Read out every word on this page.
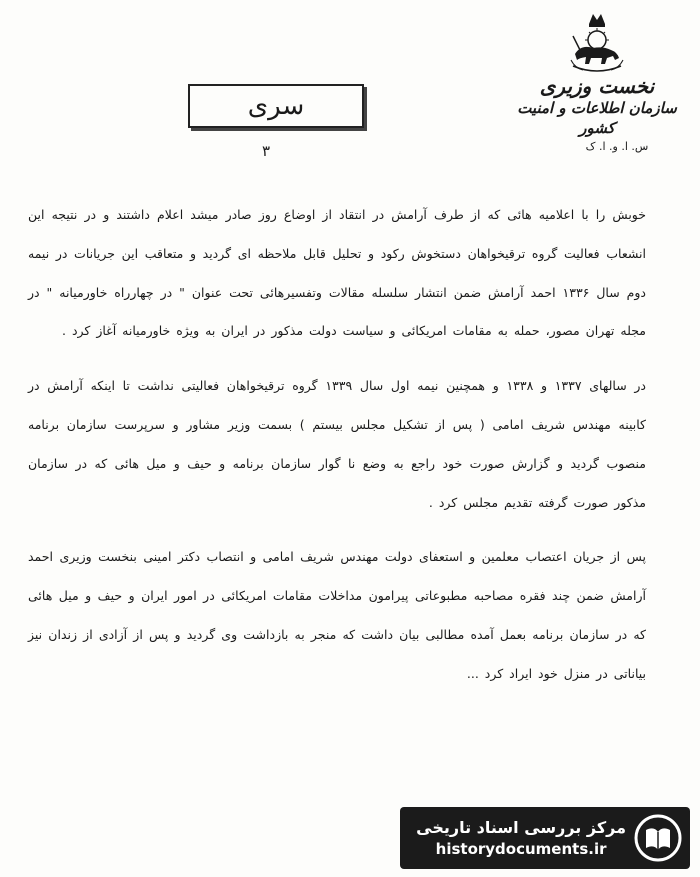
نخست وزیری

سازمان اطلاعات و امنیت کشور

س. ا. و. ا. ک
سری
۳

خوبش را با اعلامیه هائی که از طرف آرامش در انتقاد از اوضاع روز صادر میشد اعلام داشتند و در نتیجه این انشعاب فعالیت گروه ترقیخواهان دستخوش رکود و تحلیل قابل ملاحظه ای گردید و متعاقب این جریانات در نیمه دوم سال ۱۳۳۶ احمد آرامش ضمن انتشار سلسله مقالات وتفسیرهائی تحت عنوان " در چهارراه خاورمیانه " در مجله تهران مصور، حمله به مقامات امریکائی و سیاست دولت مذکور در ایران به ویژه خاورمیانه آغاز کرد .

در سالهای ۱۳۳۷ و ۱۳۳۸ و همچنین نیمه اول سال ۱۳۳۹ گروه ترقیخواهان فعالیتی نداشت تا اینکه آرامش در کابینه مهندس شریف امامی ( پس از تشکیل مجلس بیستم ) بسمت وزیر مشاور و سرپرست سازمان برنامه منصوب گردید و گزارش صورت خود راجع به وضع نا گوار سازمان برنامه و حیف و میل هائی که در سازمان مذکور صورت گرفته تقدیم مجلس کرد .

پس از جریان اعتصاب معلمین و استعفای دولت مهندس شریف امامی و انتصاب دکتر امینی بنخست وزیری احمد آرامش ضمن چند فقره مصاحبه مطبوعاتی پیرامون مداخلات مقامات امریکائی در امور ایران و حیف و میل هائی که در سازمان برنامه بعمل آمده مطالبی بیان داشت که منجر به بازداشت وی گردید و پس از آزادی از زندان نیز بیاناتی در منزل خود ایراد کرد ...

مرکز بررسی اسناد تاریخی
historydocuments.ir
